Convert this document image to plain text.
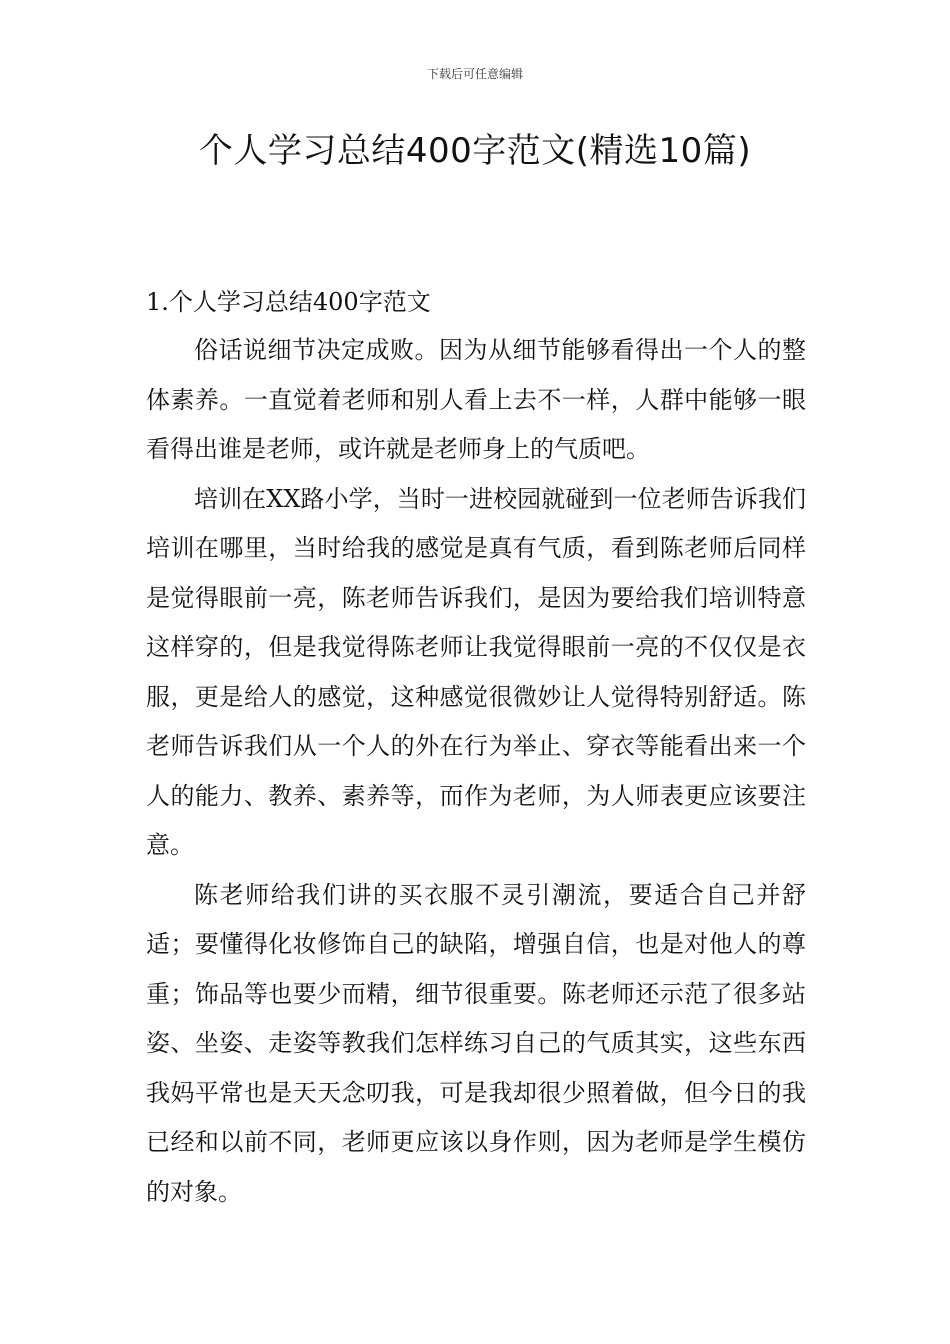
下载后可任意编辑
个人学习总结400字范文(精选10篇)
1.个人学习总结400字范文

俗话说细节决定成败。因为从细节能够看得出一个人的整体素养。一直觉着老师和别人看上去不一样，人群中能够一眼看得出谁是老师，或许就是老师身上的气质吧。

培训在XX路小学，当时一进校园就碰到一位老师告诉我们培训在哪里，当时给我的感觉是真有气质，看到陈老师后同样是觉得眼前一亮，陈老师告诉我们，是因为要给我们培训特意这样穿的，但是我觉得陈老师让我觉得眼前一亮的不仅仅是衣服，更是给人的感觉，这种感觉很微妙让人觉得特别舒适。陈老师告诉我们从一个人的外在行为举止、穿衣等能看出来一个人的能力、教养、素养等，而作为老师，为人师表更应该要注意。

陈老师给我们讲的买衣服不灵引潮流，要适合自己并舒适；要懂得化妆修饰自己的缺陷，增强自信，也是对他人的尊重；饰品等也要少而精，细节很重要。陈老师还示范了很多站姿、坐姿、走姿等教我们怎样练习自己的气质其实，这些东西我妈平常也是天天念叨我，可是我却很少照着做，但今日的我已经和以前不同，老师更应该以身作则，因为老师是学生模仿的对象。
